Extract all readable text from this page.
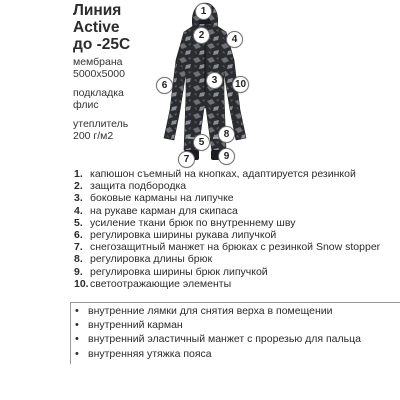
Линия
Active
до -25С
мембрана
5000х5000
подкладка
флис
утеплитель
200 г/м2
1
2
3
4
5
6
7
8
9
10
1. капюшон съемный на кнопках, адаптируется резинкой
2. защита подбородка
3. боковые карманы на липучке
4. на рукаве карман для скипаса
5. усиление ткани брюк по внутреннему шву
6. регулировка ширины рукава липучкой
7. снегозащитный манжет на брюках с резинкой Snow stopper
8. регулировка длины брюк
9. регулировка ширины брюк липучкой
10. светоотражающие элементы
• внутренние лямки для снятия верха в помещении
• внутренний карман
• внутренний эластичный манжет с прорезью для пальца
• внутренняя утяжка пояса
